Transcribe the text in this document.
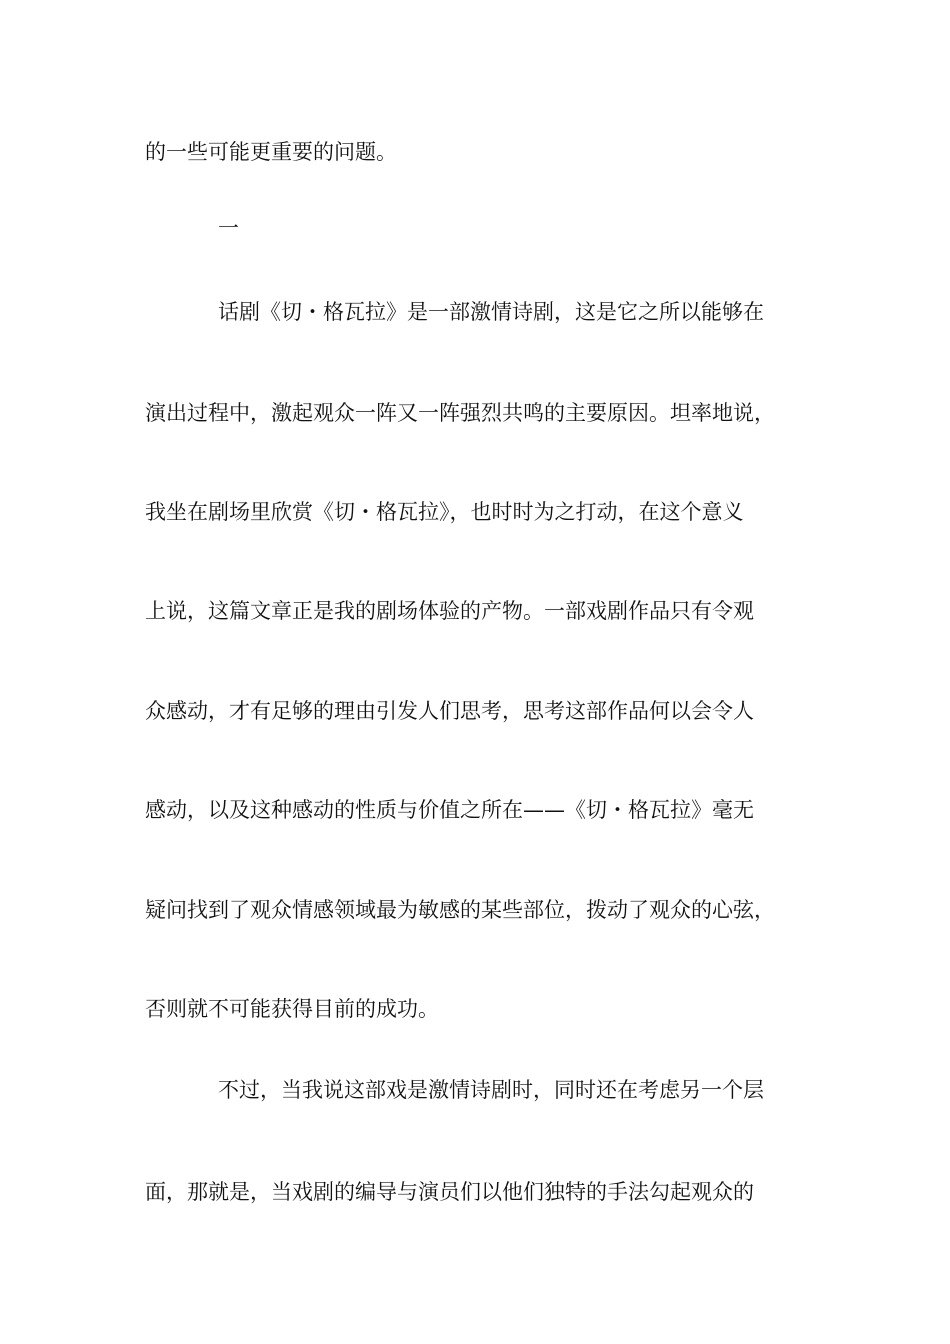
的一些可能更重要的问题。
一
话剧《切・格瓦拉》是一部激情诗剧，这是它之所以能够在
演出过程中，激起观众一阵又一阵强烈共鸣的主要原因。坦率地说，
我坐在剧场里欣赏《切・格瓦拉》，也时时为之打动，在这个意义
上说，这篇文章正是我的剧场体验的产物。一部戏剧作品只有令观
众感动，才有足够的理由引发人们思考，思考这部作品何以会令人
感动，以及这种感动的性质与价值之所在——《切・格瓦拉》毫无
疑问找到了观众情感领域最为敏感的某些部位，拨动了观众的心弦，
否则就不可能获得目前的成功。
不过，当我说这部戏是激情诗剧时，同时还在考虑另一个层
面，那就是，当戏剧的编导与演员们以他们独特的手法勾起观众的
